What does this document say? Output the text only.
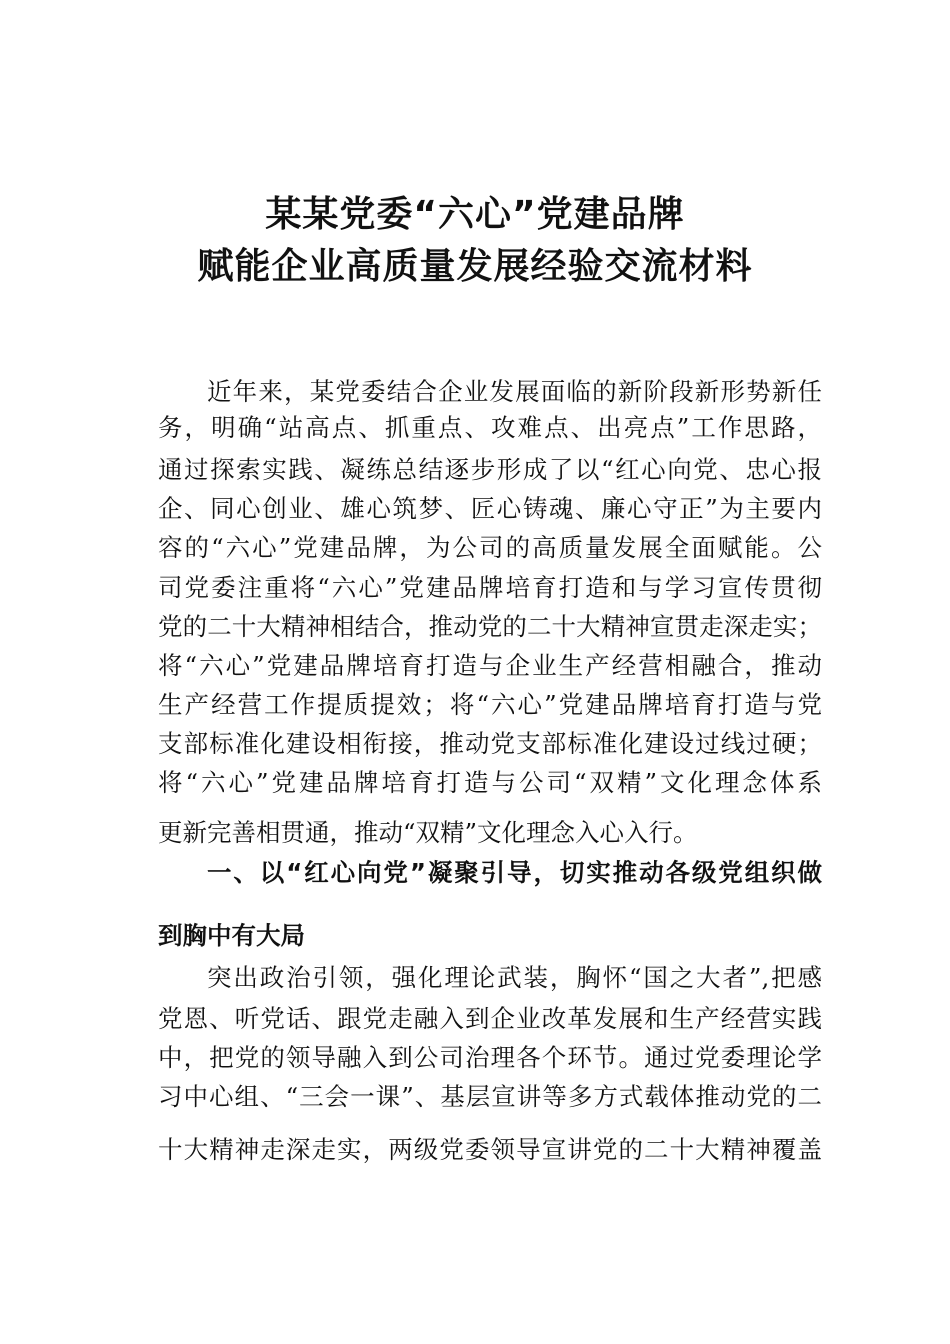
某某党委“六心”党建品牌
赋能企业高质量发展经验交流材料
近年来，某党委结合企业发展面临的新阶段新形势新任
务，明确“站高点、抓重点、攻难点、出亮点”工作思路，
通过探索实践、凝练总结逐步形成了以“红心向党、忠心报
企、同心创业、雄心筑梦、匠心铸魂、廉心守正”为主要内
容的“六心”党建品牌，为公司的高质量发展全面赋能。公
司党委注重将“六心”党建品牌培育打造和与学习宣传贯彻
党的二十大精神相结合，推动党的二十大精神宣贯走深走实；
将“六心”党建品牌培育打造与企业生产经营相融合，推动
生产经营工作提质提效；将“六心”党建品牌培育打造与党
支部标准化建设相衔接，推动党支部标准化建设过线过硬；
将“六心”党建品牌培育打造与公司“双精”文化理念体系
更新完善相贯通，推动“双精”文化理念入心入行。
一、以“红心向党”凝聚引导，切实推动各级党组织做
到胸中有大局
突出政治引领，强化理论武装，胸怀“国之大者”,把感
党恩、听党话、跟党走融入到企业改革发展和生产经营实践
中，把党的领导融入到公司治理各个环节。通过党委理论学
习中心组、“三会一课”、基层宣讲等多方式载体推动党的二
十大精神走深走实，两级党委领导宣讲党的二十大精神覆盖
